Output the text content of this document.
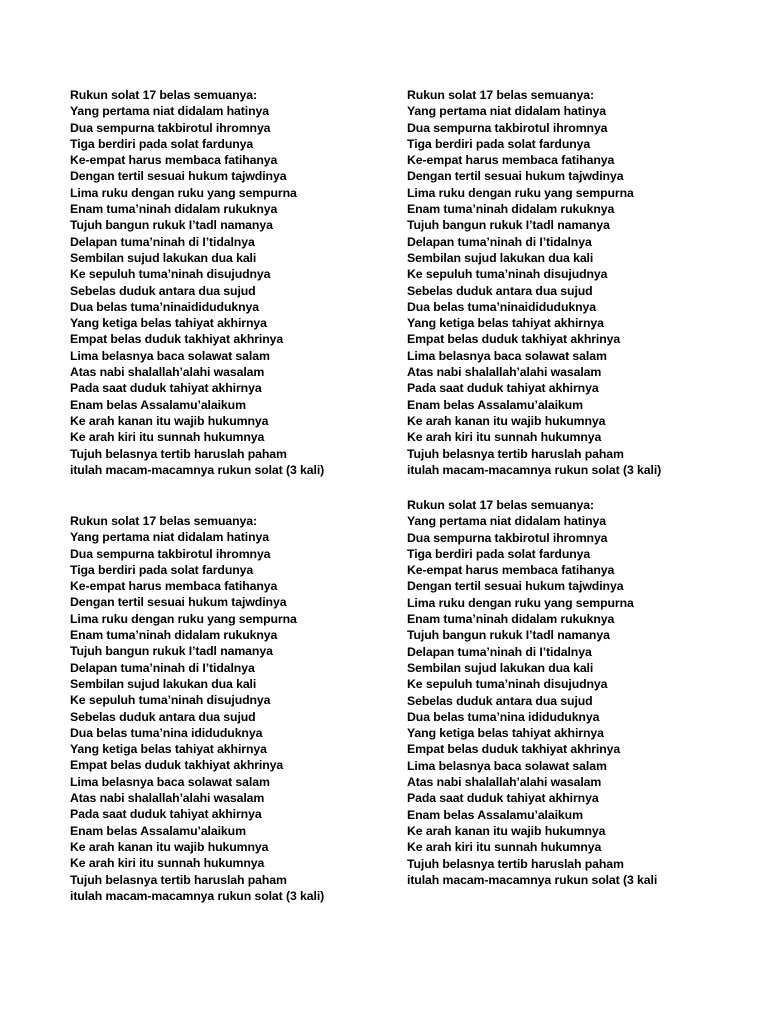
Rukun solat 17 belas semuanya:
Yang pertama niat didalam hatinya
Dua sempurna takbirotul ihromnya
Tiga berdiri pada solat fardunya
Ke-empat harus membaca fatihanya
Dengan tertil sesuai hukum tajwdinya
Lima ruku dengan ruku yang sempurna
Enam tuma’ninah didalam rukuknya
Tujuh bangun rukuk I’tadl namanya
Delapan tuma’ninah di I’tidalnya
Sembilan sujud lakukan dua kali
Ke sepuluh tuma’ninah disujudnya
Sebelas duduk antara dua sujud
Dua belas tuma’ninaididuduknya
Yang ketiga belas tahiyat akhirnya
Empat belas duduk takhiyat akhrinya
Lima belasnya baca solawat salam
Atas nabi shalallah’alahi wasalam
Pada saat duduk tahiyat akhirnya
Enam belas Assalamu’alaikum
Ke arah kanan itu wajib hukumnya
Ke arah kiri itu sunnah hukumnya
Tujuh belasnya tertib haruslah paham
itulah macam-macamnya rukun solat (3 kali)
Rukun solat 17 belas semuanya:
Yang pertama niat didalam hatinya
Dua sempurna takbirotul ihromnya
Tiga berdiri pada solat fardunya
Ke-empat harus membaca fatihanya
Dengan tertil sesuai hukum tajwdinya
Lima ruku dengan ruku yang sempurna
Enam tuma’ninah didalam rukuknya
Tujuh bangun rukuk I’tadl namanya
Delapan tuma’ninah di I’tidalnya
Sembilan sujud lakukan dua kali
Ke sepuluh tuma’ninah disujudnya
Sebelas duduk antara dua sujud
Dua belas tuma’ninaididuduknya
Yang ketiga belas tahiyat akhirnya
Empat belas duduk takhiyat akhrinya
Lima belasnya baca solawat salam
Atas nabi shalallah’alahi wasalam
Pada saat duduk tahiyat akhirnya
Enam belas Assalamu’alaikum
Ke arah kanan itu wajib hukumnya
Ke arah kiri itu sunnah hukumnya
Tujuh belasnya tertib haruslah paham
itulah macam-macamnya rukun solat (3 kali)
Rukun solat 17 belas semuanya:
Yang pertama niat didalam hatinya
Dua sempurna takbirotul ihromnya
Tiga berdiri pada solat fardunya
Ke-empat harus membaca fatihanya
Dengan tertil sesuai hukum tajwdinya
Lima ruku dengan ruku yang sempurna
Enam tuma’ninah didalam rukuknya
Tujuh bangun rukuk I’tadl namanya
Delapan tuma’ninah di I’tidalnya
Sembilan sujud lakukan dua kali
Ke sepuluh tuma’ninah disujudnya
Sebelas duduk antara dua sujud
Dua belas tuma’nina ididuduknya
Yang ketiga belas tahiyat akhirnya
Empat belas duduk takhiyat akhrinya
Lima belasnya baca solawat salam
Atas nabi shalallah’alahi wasalam
Pada saat duduk tahiyat akhirnya
Enam belas Assalamu’alaikum
Ke arah kanan itu wajib hukumnya
Ke arah kiri itu sunnah hukumnya
Tujuh belasnya tertib haruslah paham
itulah macam-macamnya rukun solat (3 kali)
Rukun solat 17 belas semuanya:
Yang pertama niat didalam hatinya
Dua sempurna takbirotul ihromnya
Tiga berdiri pada solat fardunya
Ke-empat harus membaca fatihanya
Dengan tertil sesuai hukum tajwdinya
Lima ruku dengan ruku yang sempurna
Enam tuma’ninah didalam rukuknya
Tujuh bangun rukuk I’tadl namanya
Delapan tuma’ninah di I’tidalnya
Sembilan sujud lakukan dua kali
Ke sepuluh tuma’ninah disujudnya
Sebelas duduk antara dua sujud
Dua belas tuma’nina ididuduknya
Yang ketiga belas tahiyat akhirnya
Empat belas duduk takhiyat akhrinya
Lima belasnya baca solawat salam
Atas nabi shalallah’alahi wasalam
Pada saat duduk tahiyat akhirnya
Enam belas Assalamu’alaikum
Ke arah kanan itu wajib hukumnya
Ke arah kiri itu sunnah hukumnya
Tujuh belasnya tertib haruslah paham
itulah macam-macamnya rukun solat (3 kali
